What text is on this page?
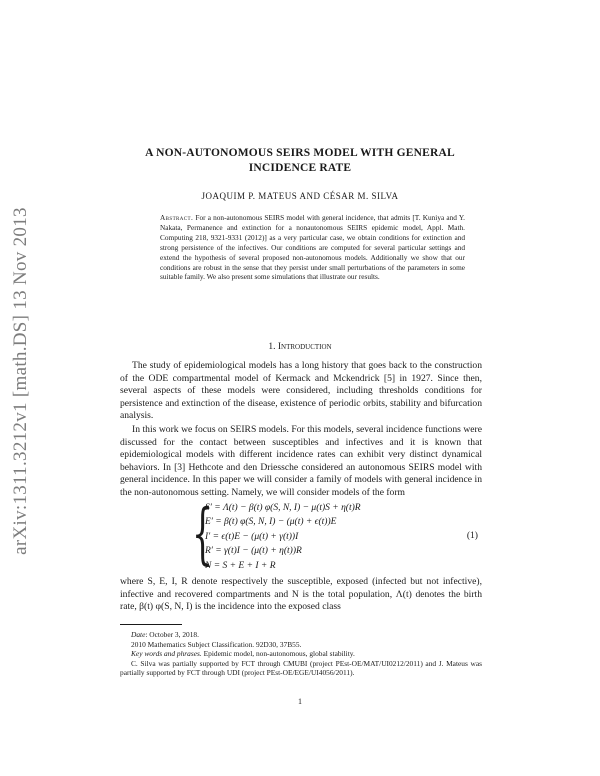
arXiv:1311.3212v1 [math.DS] 13 Nov 2013
A NON-AUTONOMOUS SEIRS MODEL WITH GENERAL
INCIDENCE RATE
JOAQUIM P. MATEUS AND CÉSAR M. SILVA
Abstract. For a non-autonomous SEIRS model with general incidence, that admits [T. Kuniya and Y. Nakata, Permanence and extinction for a nonautonomous SEIRS epidemic model, Appl. Math. Computing 218, 9321-9331 (2012)] as a very particular case, we obtain conditions for extinction and strong persistence of the infectives. Our conditions are computed for several particular settings and extend the hypothesis of several proposed non-autonomous models. Additionally we show that our conditions are robust in the sense that they persist under small perturbations of the parameters in some suitable family. We also present some simulations that illustrate our results.
1. Introduction
The study of epidemiological models has a long history that goes back to the construction of the ODE compartmental model of Kermack and Mckendrick [5] in 1927. Since then, several aspects of these models were considered, including thresholds conditions for persistence and extinction of the disease, existence of periodic orbits, stability and bifurcation analysis.
In this work we focus on SEIRS models. For this models, several incidence functions were discussed for the contact between susceptibles and infectives and it is known that epidemiological models with different incidence rates can exhibit very distinct dynamical behaviors. In [3] Hethcote and den Driessche considered an autonomous SEIRS model with general incidence. In this paper we will consider a family of models with general incidence in the non-autonomous setting. Namely, we will consider models of the form
{
S′ = Λ(t) − β(t) φ(S, N, I) − μ(t)S + η(t)R
E′ = β(t) φ(S, N, I) − (μ(t) + ϵ(t))E
I′ = ϵ(t)E − (μ(t) + γ(t))I
R′ = γ(t)I − (μ(t) + η(t))R
N = S + E + I + R
(1)
where S, E, I, R denote respectively the susceptible, exposed (infected but not infective), infective and recovered compartments and N is the total population, Λ(t) denotes the birth rate, β(t) φ(S, N, I) is the incidence into the exposed class
Date: October 3, 2018.
2010 Mathematics Subject Classification. 92D30, 37B55.
Key words and phrases. Epidemic model, non-autonomous, global stability.
C. Silva was partially supported by FCT through CMUBI (project PEst-OE/MAT/UI0212/2011) and J. Mateus was partially supported by FCT through UDI (project PEst-OE/EGE/UI4056/2011).
1
